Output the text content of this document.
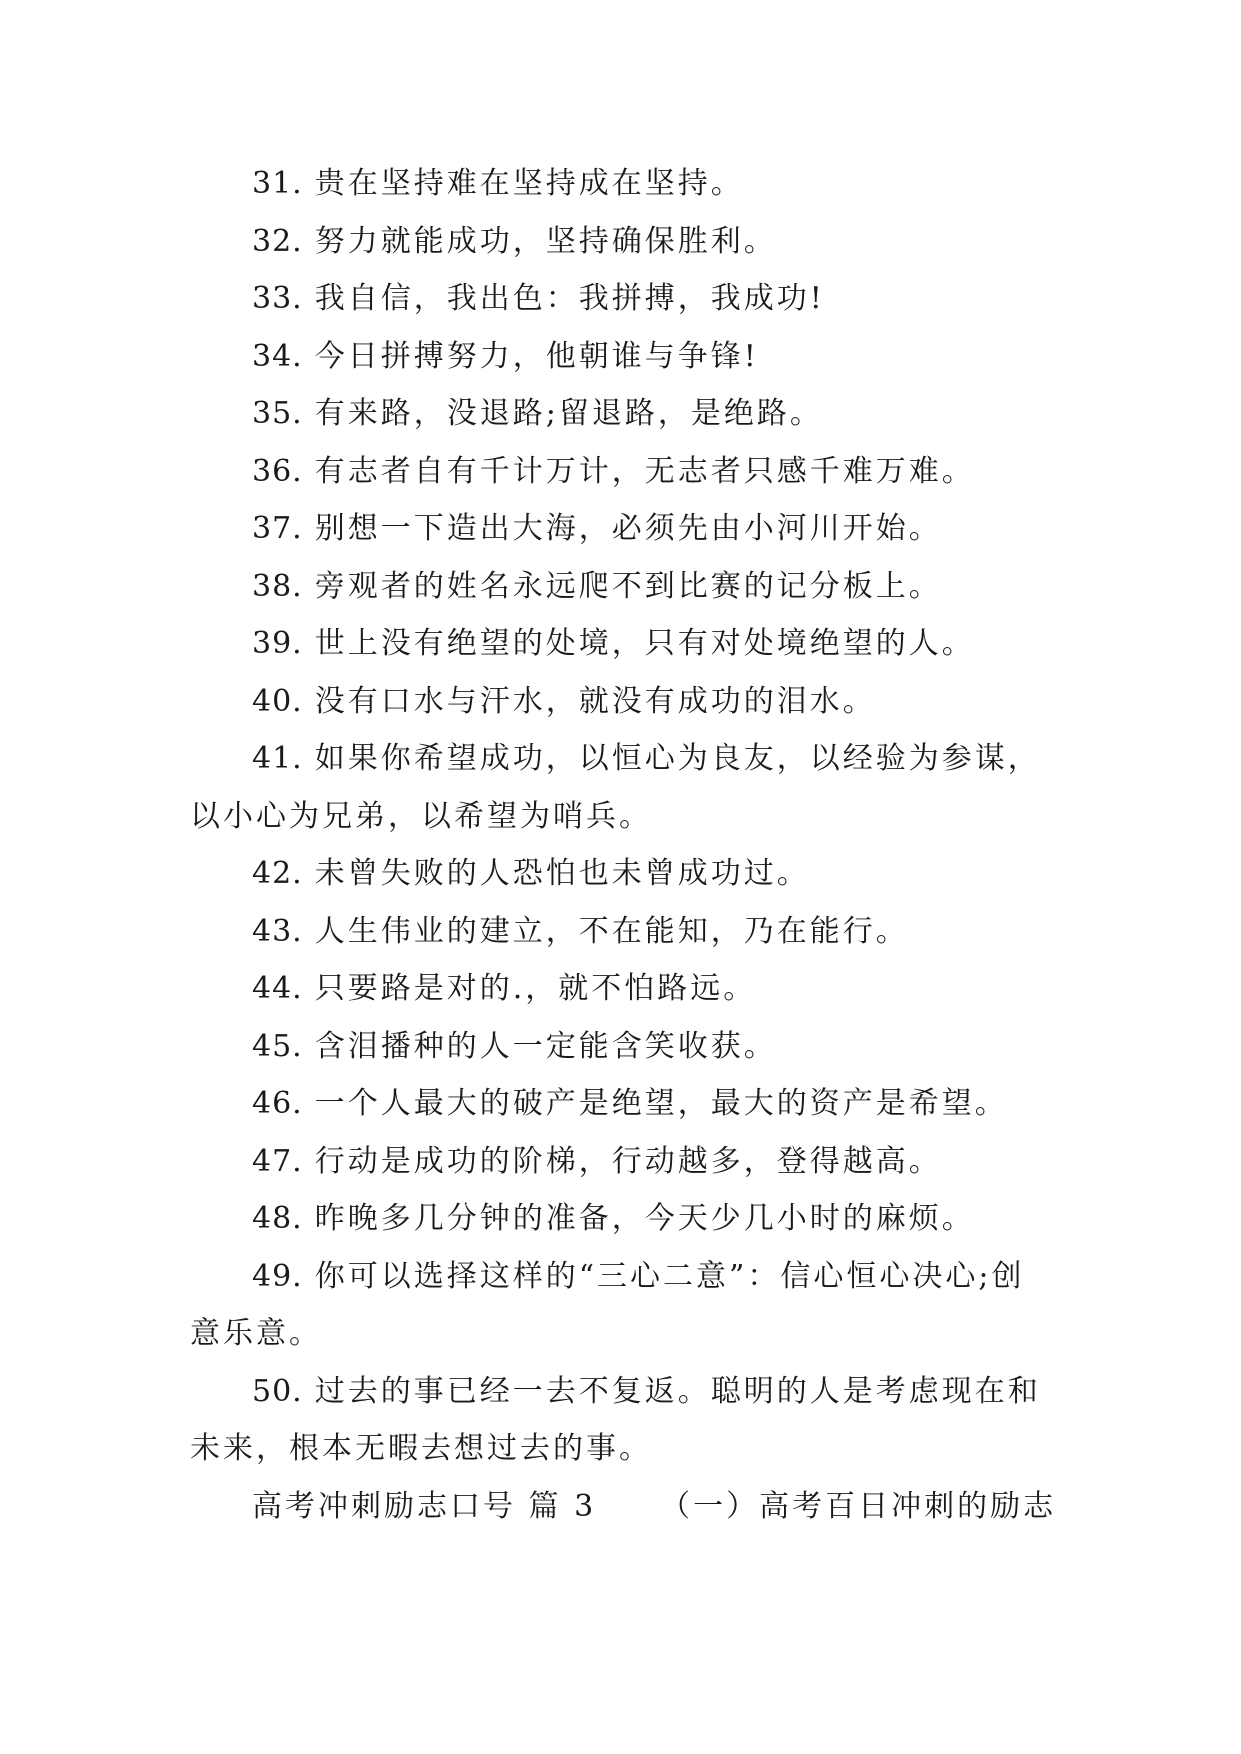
31. 贵在坚持难在坚持成在坚持。

32. 努力就能成功，坚持确保胜利。

33. 我自信，我出色：我拼搏，我成功!

34. 今日拼搏努力，他朝谁与争锋!

35. 有来路，没退路;留退路，是绝路。

36. 有志者自有千计万计，无志者只感千难万难。

37. 别想一下造出大海，必须先由小河川开始。

38. 旁观者的姓名永远爬不到比赛的记分板上。

39. 世上没有绝望的处境，只有对处境绝望的人。

40. 没有口水与汗水，就没有成功的泪水。

41. 如果你希望成功，以恒心为良友，以经验为参谋，
以小心为兄弟，以希望为哨兵。

42. 未曾失败的人恐怕也未曾成功过。

43. 人生伟业的建立，不在能知，乃在能行。

44. 只要路是对的.，就不怕路远。

45. 含泪播种的人一定能含笑收获。

46. 一个人最大的破产是绝望，最大的资产是希望。

47. 行动是成功的阶梯，行动越多，登得越高。

48. 昨晚多几分钟的准备，今天少几小时的麻烦。

49. 你可以选择这样的“三心二意”：信心恒心决心;创
意乐意。

50. 过去的事已经一去不复返。聪明的人是考虑现在和
未来，根本无暇去想过去的事。

高考冲刺励志口号 篇 3 （一）高考百日冲刺的励志
